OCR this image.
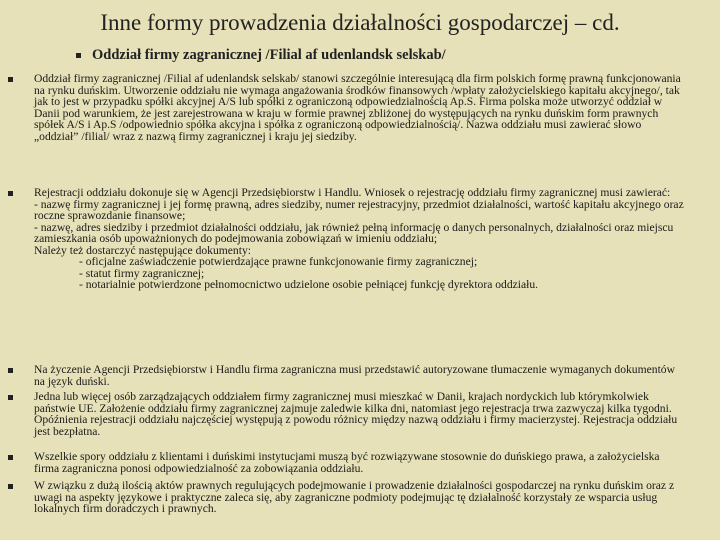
Inne formy prowadzenia działalności gospodarczej – cd.
Oddział firmy zagranicznej /Filial af udenlandsk selskab/

Oddział firmy zagranicznej /Filial af udenlandsk selskab/ stanowi szczególnie interesującą dla firm polskich formę prawną funkcjonowania na rynku duńskim. Utworzenie oddziału nie wymaga angażowania środków finansowych /wpłaty założycielskiego kapitału akcyjnego/, tak jak to jest w przypadku spółki akcyjnej A/S lub spółki z ograniczoną odpowiedzialnością Ap.S. Firma polska może utworzyć oddział w Danii pod warunkiem, że jest zarejestrowana w kraju w formie prawnej zbliżonej do występujących na rynku duńskim form prawnych spółek A/S i Ap.S /odpowiednio spółka akcyjna i spółka z ograniczoną odpowiedzialnością/. Nazwa oddziału musi zawierać słowo „oddział” /filial/ wraz z nazwą firmy zagranicznej i kraju jej siedziby.

Rejestracji oddziału dokonuje się w Agencji Przedsiębiorstw i Handlu. Wniosek o rejestrację oddziału firmy zagranicznej musi zawierać:

- nazwę firmy zagranicznej i jej formę prawną, adres siedziby, numer rejestracyjny, przedmiot działalności, wartość kapitału akcyjnego oraz roczne sprawozdanie finansowe;

- nazwę, adres siedziby i przedmiot działalności oddziału, jak również pełną informację o danych personalnych, działalności oraz miejscu zamieszkania osób upoważnionych do podejmowania zobowiązań w imieniu oddziału;

Należy też dostarczyć następujące dokumenty:

- oficjalne zaświadczenie potwierdzające prawne funkcjonowanie firmy zagranicznej;

- statut firmy zagranicznej;

- notarialnie potwierdzone pełnomocnictwo udzielone osobie pełniącej funkcję dyrektora oddziału.

Na życzenie Agencji Przedsiębiorstw i Handlu firma zagraniczna musi przedstawić autoryzowane tłumaczenie wymaganych dokumentów na język duński.

Jedna lub więcej osób zarządzających oddziałem firmy zagranicznej musi mieszkać w Danii, krajach nordyckich lub którymkolwiek państwie UE. Założenie oddziału firmy zagranicznej zajmuje zaledwie kilka dni, natomiast jego rejestracja trwa zazwyczaj kilka tygodni. Opóźnienia rejestracji oddziału najczęściej występują z powodu różnicy między nazwą oddziału i firmy macierzystej. Rejestracja oddziału jest bezpłatna.

Wszelkie spory oddziału z klientami i duńskimi instytucjami muszą być rozwiązywane stosownie do duńskiego prawa, a założycielska firma zagraniczna ponosi odpowiedzialność za zobowiązania oddziału.

W związku z dużą ilością aktów prawnych regulujących podejmowanie i prowadzenie działalności gospodarczej na rynku duńskim oraz z uwagi na aspekty językowe i praktyczne zaleca się, aby zagraniczne podmioty podejmując tę działalność korzystały ze wsparcia usług lokalnych firm doradczych i prawnych.
